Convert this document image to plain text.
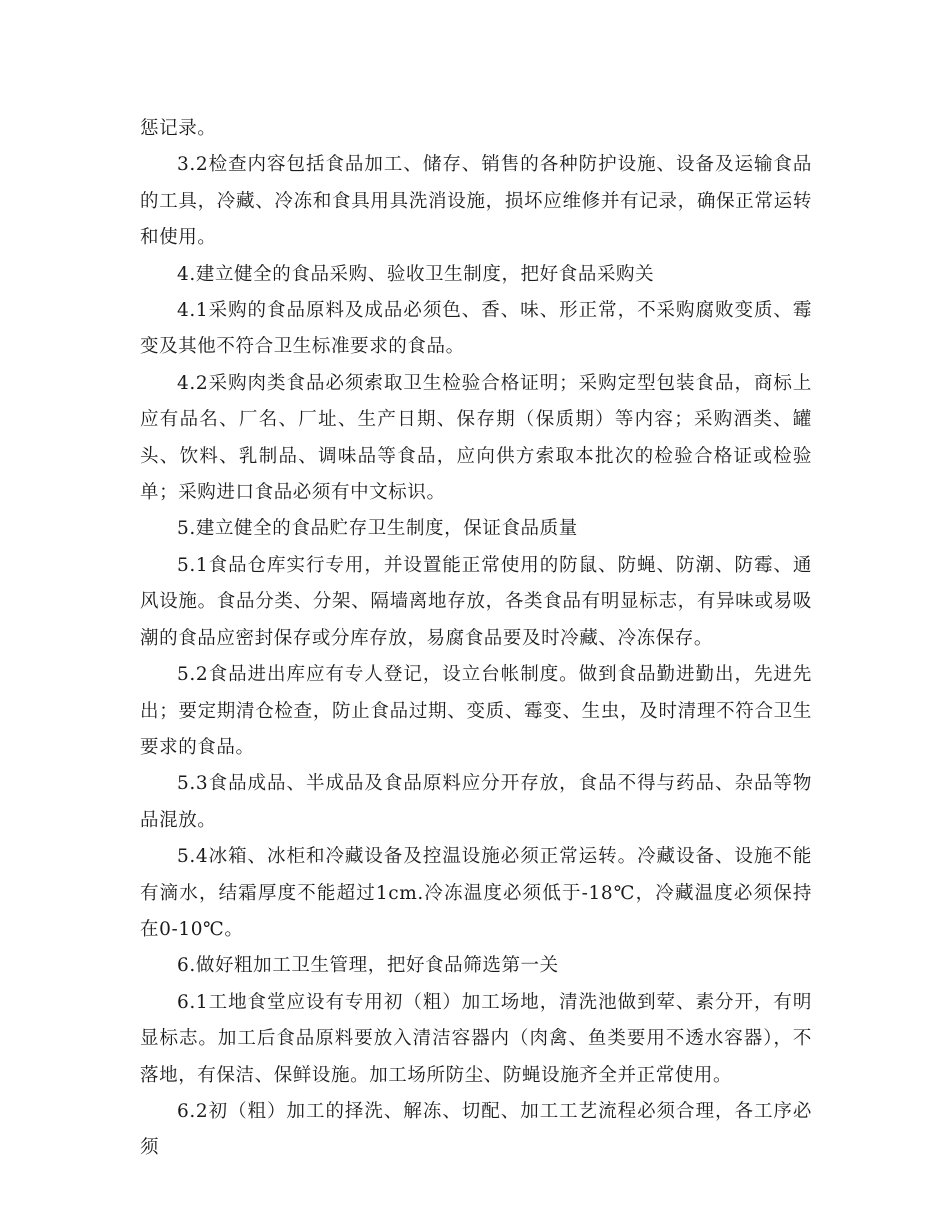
惩记录。

3.2检查内容包括食品加工、储存、销售的各种防护设施、设备及运输食品的工具，冷藏、冷冻和食具用具洗消设施，损坏应维修并有记录，确保正常运转和使用。

4.建立健全的食品采购、验收卫生制度，把好食品采购关

4.1采购的食品原料及成品必须色、香、味、形正常，不采购腐败变质、霉变及其他不符合卫生标准要求的食品。

4.2采购肉类食品必须索取卫生检验合格证明；采购定型包装食品，商标上应有品名、厂名、厂址、生产日期、保存期（保质期）等内容；采购酒类、罐头、饮料、乳制品、调味品等食品，应向供方索取本批次的检验合格证或检验单；采购进口食品必须有中文标识。

5.建立健全的食品贮存卫生制度，保证食品质量

5.1食品仓库实行专用，并设置能正常使用的防鼠、防蝇、防潮、防霉、通风设施。食品分类、分架、隔墙离地存放，各类食品有明显标志，有异味或易吸潮的食品应密封保存或分库存放，易腐食品要及时冷藏、冷冻保存。

5.2食品进出库应有专人登记，设立台帐制度。做到食品勤进勤出，先进先出；要定期清仓检查，防止食品过期、变质、霉变、生虫，及时清理不符合卫生要求的食品。

5.3食品成品、半成品及食品原料应分开存放，食品不得与药品、杂品等物品混放。

5.4冰箱、冰柜和冷藏设备及控温设施必须正常运转。冷藏设备、设施不能有滴水，结霜厚度不能超过1cm.冷冻温度必须低于-18℃，冷藏温度必须保持在0-10℃。

6.做好粗加工卫生管理，把好食品筛选第一关

6.1工地食堂应设有专用初（粗）加工场地，清洗池做到荤、素分开，有明显标志。加工后食品原料要放入清洁容器内（肉禽、鱼类要用不透水容器），不落地，有保洁、保鲜设施。加工场所防尘、防蝇设施齐全并正常使用。

6.2初（粗）加工的择洗、解冻、切配、加工工艺流程必须合理，各工序必须
